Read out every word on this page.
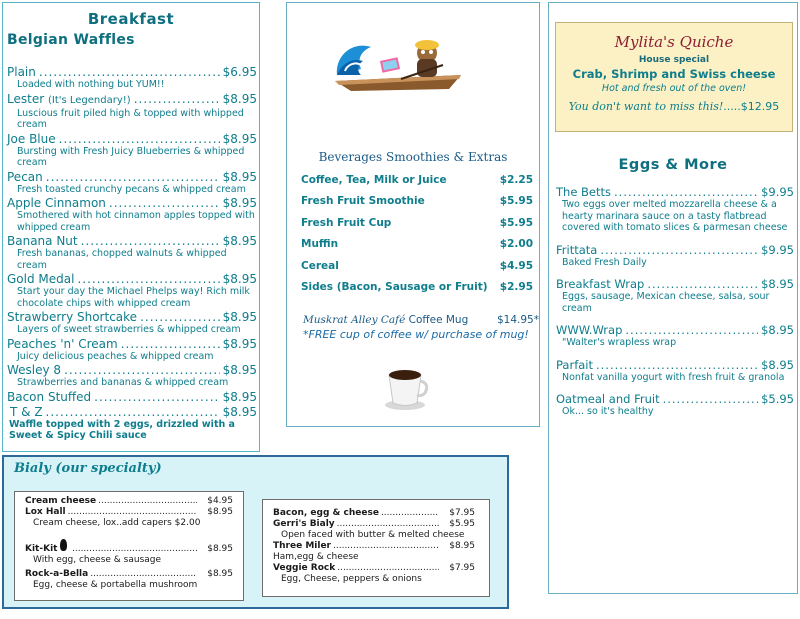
Breakfast
Belgian Waffles
Plain .....	$6.95
Loaded with nothing but YUM!!
Lester (It's Legendary!) .....	$8.95
Luscious fruit piled high & topped with whipped cream
Joe Blue .....	$8.95
Bursting with Fresh Juicy Blueberries & whipped cream
Pecan .....	$8.95
Fresh toasted crunchy pecans & whipped cream
Apple Cinnamon .....	$8.95
Smothered with hot cinnamon apples topped with whipped cream
Banana Nut .....	$8.95
Fresh bananas, chopped walnuts & whipped cream
Gold Medal .....	$8.95
Start your day the Michael Phelps way! Rich milk chocolate chips with whipped cream
Strawberry Shortcake .....	$8.95
Layers of sweet strawberries & whipped cream
Peaches 'n' Cream .....	$8.95
Juicy delicious peaches & whipped cream
Wesley 8 .....	$8.95
Strawberries and bananas & whipped cream
Bacon Stuffed .....	$8.95
T & Z .....	$8.95
Waffle topped with 2 eggs, drizzled with a Sweet & Spicy Chili sauce
Beverages Smoothies & Extras
Coffee, Tea, Milk or Juice	$2.25
Fresh Fruit Smoothie	$5.95
Fresh Fruit Cup	$5.95
Muffin	$2.00
Cereal	$4.95
Sides (Bacon, Sausage or Fruit) $2.95
Muskrat Alley Café Coffee Mug	$14.95*
*FREE cup of coffee w/ purchase of mug!
Mylita's Quiche
House special
Crab, Shrimp and Swiss cheese
Hot and fresh out of the oven!
You don't want to miss this!.....$12.95
Eggs & More
The Betts .....	$9.95
Two eggs over melted mozzarella cheese & a hearty marinara sauce on a tasty flatbread covered with tomato slices & parmesan cheese
Frittata .....	$9.95
Baked Fresh Daily
Breakfast Wrap .....	$8.95
Eggs, sausage, Mexican cheese, salsa, sour cream
WWW.Wrap .....	$8.95
"Walter's wrapless wrap
Parfait .....	$8.95
Nonfat vanilla yogurt with fresh fruit & granola
Oatmeal and Fruit .....	$5.95
Ok... so it's healthy
Bialy (our specialty)
Cream cheese .....	$4.95
Lox Hall .....	$8.95
Cream cheese, lox..add capers $2.00
Kit-Kit .....	$8.95
With egg, cheese & sausage
Rock-a-Bella .....	$8.95
Egg, cheese & portabella mushroom
Bacon, egg & cheese .....	$7.95
Gerri's Bialy .....	$5.95
Open faced with butter & melted cheese
Three Miler .....	$8.95
Ham,egg & cheese
Veggie Rock .....	$7.95
Egg, Cheese, peppers & onions
